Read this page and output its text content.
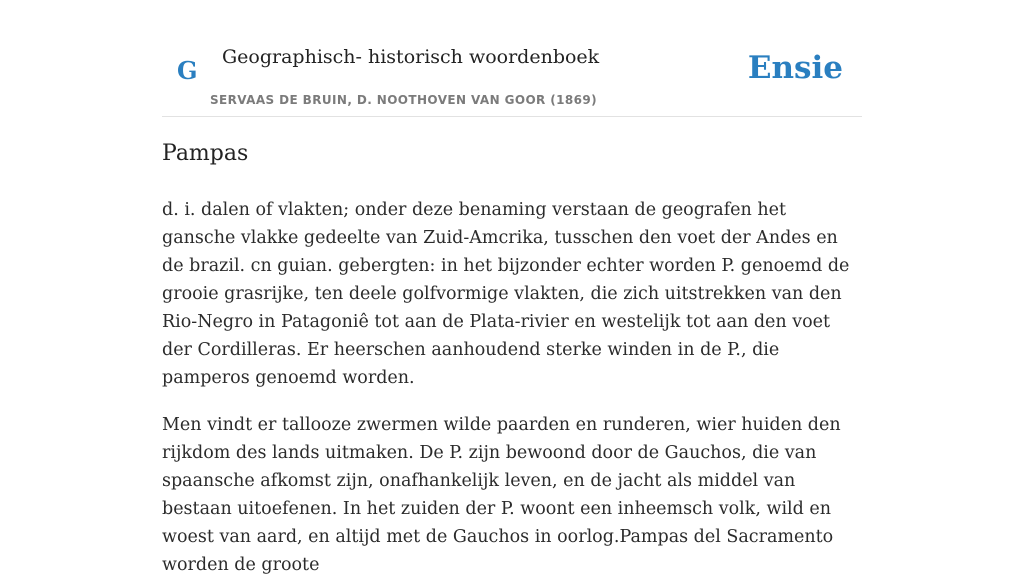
G Geographisch- historisch woordenboek
SERVAAS DE BRUIN, D. NOOTHOVEN VAN GOOR (1869)
Ensie
Pampas

d. i. dalen of vlakten; onder deze benaming verstaan de geografen het gansche vlakke gedeelte van Zuid-Amcrika, tusschen den voet der Andes en de brazil. cn guian. gebergten: in het bijzonder echter worden P. genoemd de grooie grasrijke, ten deele golfvormige vlakten, die zich uitstrekken van den Rio-Negro in Patagoniê tot aan de Plata-rivier en westelijk tot aan den voet der Cordilleras. Er heerschen aanhoudend sterke winden in de P., die pamperos genoemd worden.

Men vindt er tallooze zwermen wilde paarden en runderen, wier huiden den rijkdom des lands uitmaken. De P. zijn bewoond door de Gauchos, die van spaansche afkomst zijn, onafhankelijk leven, en de jacht als middel van bestaan uitoefenen. In het zuiden der P. woont een inheemsch volk, wild en woest van aard, en altijd met de Gauchos in oorlog.Pampas del Sacramento worden de groote
